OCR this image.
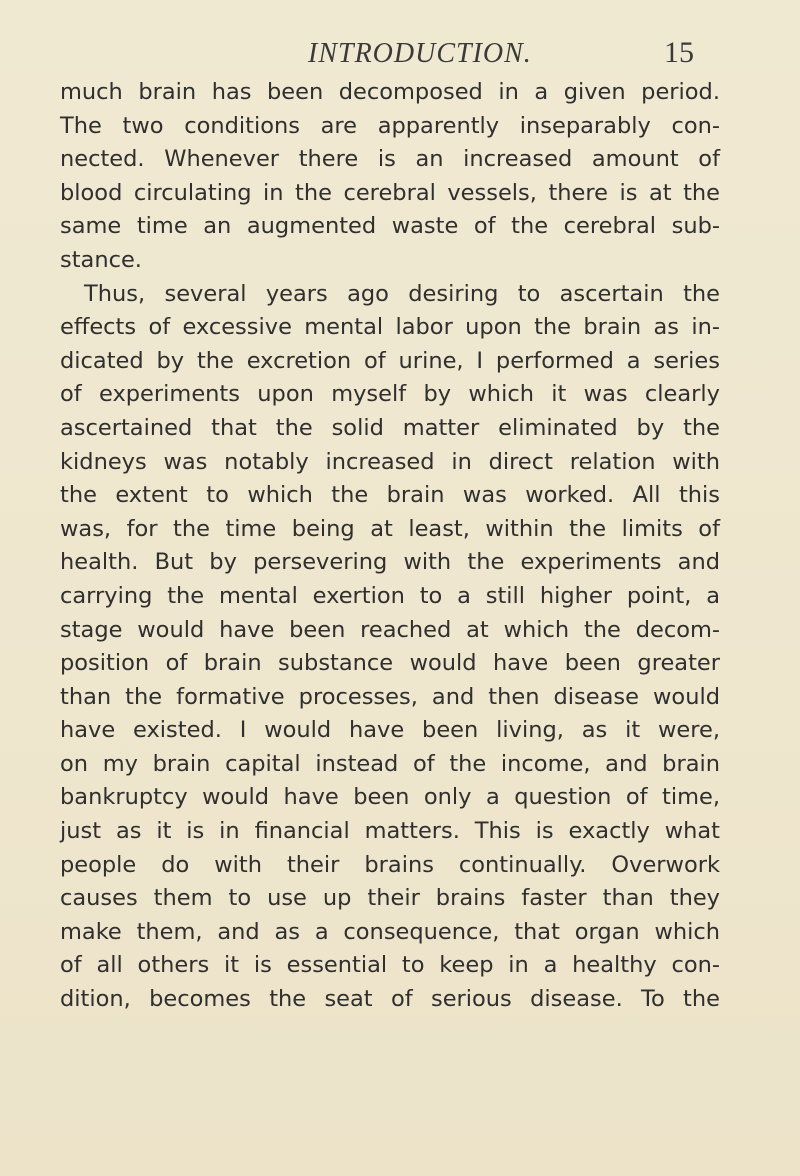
INTRODUCTION.	15
much brain has been decomposed in a given period.
The two conditions are apparently inseparably con-
nected. Whenever there is an increased amount of
blood circulating in the cerebral vessels, there is at the
same time an augmented waste of the cerebral sub-
stance.
Thus, several years ago desiring to ascertain the
effects of excessive mental labor upon the brain as in-
dicated by the excretion of urine, I performed a series
of experiments upon myself by which it was clearly
ascertained that the solid matter eliminated by the
kidneys was notably increased in direct relation with
the extent to which the brain was worked. All this
was, for the time being at least, within the limits of
health. But by persevering with the experiments and
carrying the mental exertion to a still higher point, a
stage would have been reached at which the decom-
position of brain substance would have been greater
than the formative processes, and then disease would
have existed. I would have been living, as it were,
on my brain capital instead of the income, and brain
bankruptcy would have been only a question of time,
just as it is in financial matters. This is exactly what
people do with their brains continually. Overwork
causes them to use up their brains faster than they
make them, and as a consequence, that organ which
of all others it is essential to keep in a healthy con-
dition, becomes the seat of serious disease. To the
